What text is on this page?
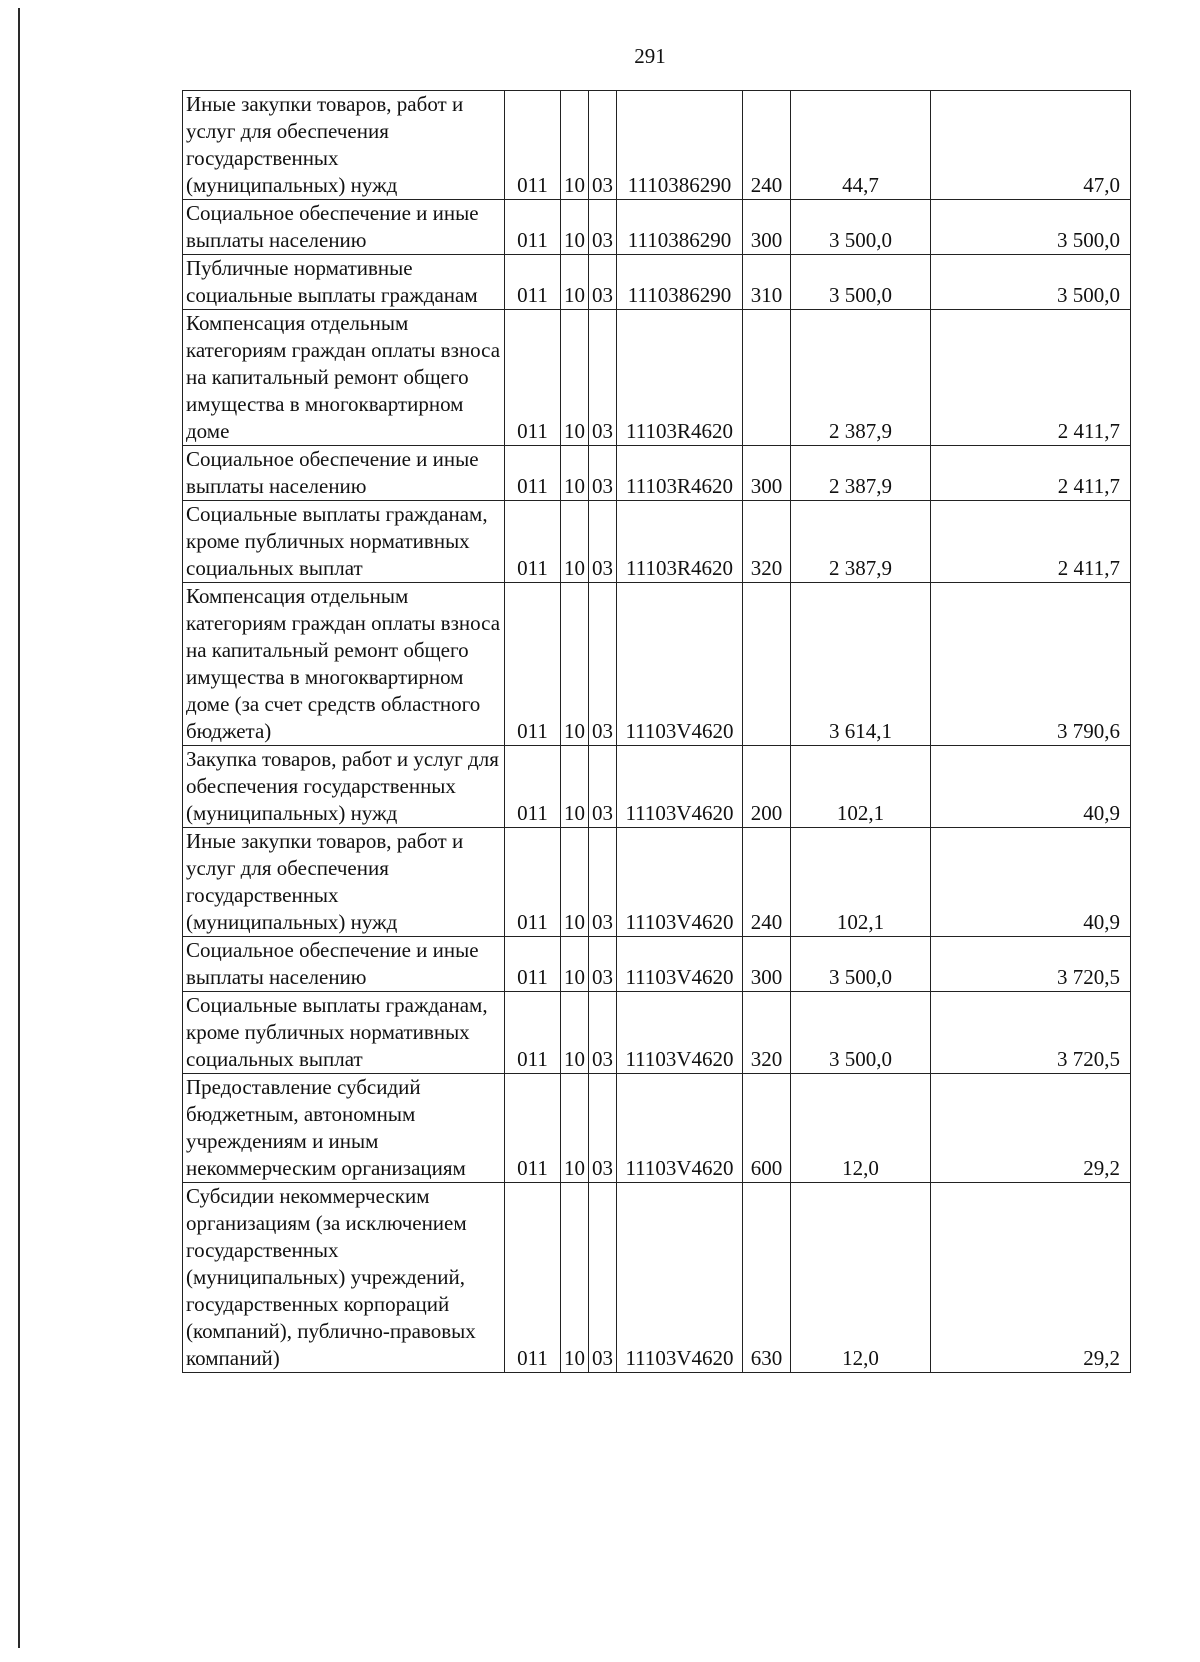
291
Иные закупки товаров, работ и услуг для обеспечения государственных (муниципальных) нужд	011	10	03	1110386290	240	44,7	47,0
Социальное обеспечение и иные выплаты населению	011	10	03	1110386290	300	3 500,0	3 500,0
Публичные нормативные социальные выплаты гражданам	011	10	03	1110386290	310	3 500,0	3 500,0
Компенсация отдельным категориям граждан оплаты взноса на капитальный ремонт общего имущества в многоквартирном доме	011	10	03	11103R4620		2 387,9	2 411,7
Социальное обеспечение и иные выплаты населению	011	10	03	11103R4620	300	2 387,9	2 411,7
Социальные выплаты гражданам, кроме публичных нормативных социальных выплат	011	10	03	11103R4620	320	2 387,9	2 411,7
Компенсация отдельным категориям граждан оплаты взноса на капитальный ремонт общего имущества в многоквартирном доме (за счет средств областного бюджета)	011	10	03	11103V4620		3 614,1	3 790,6
Закупка товаров, работ и услуг для обеспечения государственных (муниципальных) нужд	011	10	03	11103V4620	200	102,1	40,9
Иные закупки товаров, работ и услуг для обеспечения государственных (муниципальных) нужд	011	10	03	11103V4620	240	102,1	40,9
Социальное обеспечение и иные выплаты населению	011	10	03	11103V4620	300	3 500,0	3 720,5
Социальные выплаты гражданам, кроме публичных нормативных социальных выплат	011	10	03	11103V4620	320	3 500,0	3 720,5
Предоставление субсидий бюджетным, автономным учреждениям и иным некоммерческим организациям	011	10	03	11103V4620	600	12,0	29,2
Субсидии некоммерческим организациям (за исключением государственных (муниципальных) учреждений, государственных корпораций (компаний), публично-правовых компаний)	011	10	03	11103V4620	630	12,0	29,2
